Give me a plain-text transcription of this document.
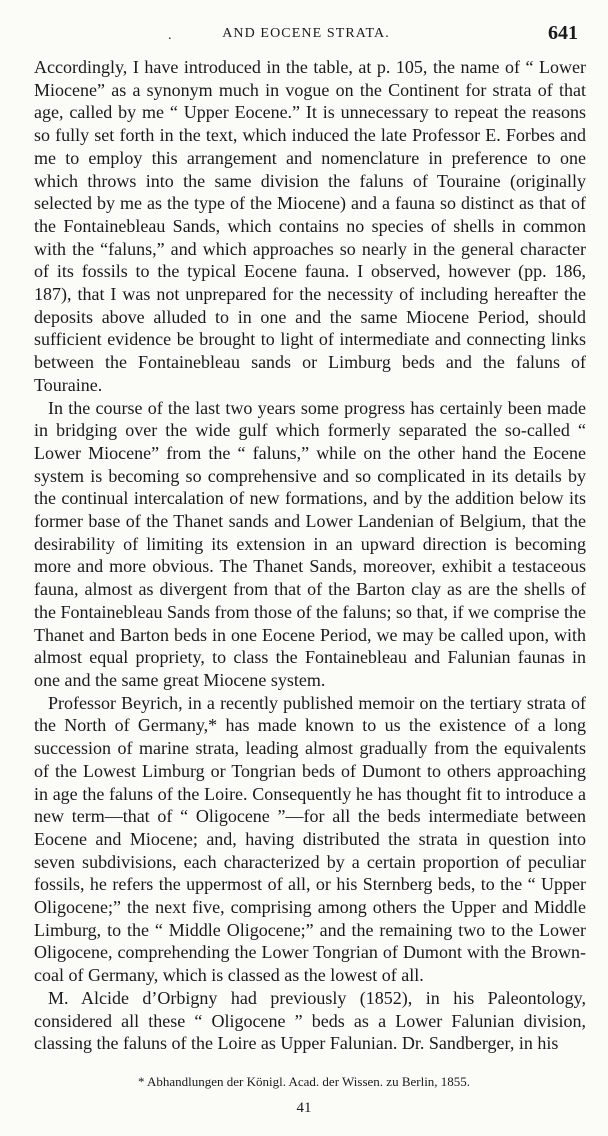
.	AND EOCENE STRATA.	641

Accordingly, I have introduced in the table, at p. 105, the name of “ Lower Miocene” as a synonym much in vogue on the Continent for strata of that age, called by me “ Upper Eocene.” It is unnecessary to repeat the reasons so fully set forth in the text, which induced the late Professor E. Forbes and me to employ this arrangement and nomenclature in preference to one which throws into the same division the faluns of Touraine (originally selected by me as the type of the Miocene) and a fauna so distinct as that of the Fontainebleau Sands, which contains no species of shells in common with the “faluns,” and which approaches so nearly in the general character of its fossils to the typical Eocene fauna. I observed, however (pp. 186, 187), that I was not unprepared for the necessity of including hereafter the deposits above alluded to in one and the same Miocene Period, should sufficient evidence be brought to light of intermediate and connecting links between the Fontainebleau sands or Limburg beds and the faluns of Touraine.

In the course of the last two years some progress has certainly been made in bridging over the wide gulf which formerly separated the so-called “ Lower Miocene” from the “ faluns,” while on the other hand the Eocene system is becoming so comprehensive and so complicated in its details by the continual intercalation of new formations, and by the addition below its former base of the Thanet sands and Lower Landenian of Belgium, that the desirability of limiting its extension in an upward direction is becoming more and more obvious. The Thanet Sands, moreover, exhibit a testaceous fauna, almost as divergent from that of the Barton clay as are the shells of the Fontainebleau Sands from those of the faluns; so that, if we comprise the Thanet and Barton beds in one Eocene Period, we may be called upon, with almost equal propriety, to class the Fontainebleau and Falunian faunas in one and the same great Miocene system.

Professor Beyrich, in a recently published memoir on the tertiary strata of the North of Germany,* has made known to us the existence of a long succession of marine strata, leading almost gradually from the equivalents of the Lowest Limburg or Tongrian beds of Dumont to others approaching in age the faluns of the Loire. Consequently he has thought fit to introduce a new term—that of “ Oligocene ”—for all the beds intermediate between Eocene and Miocene; and, having distributed the strata in question into seven subdivisions, each characterized by a certain proportion of peculiar fossils, he refers the uppermost of all, or his Sternberg beds, to the “ Upper Oligocene;” the next five, comprising among others the Upper and Middle Limburg, to the “ Middle Oligocene;” and the remaining two to the Lower Oligocene, comprehending the Lower Tongrian of Dumont with the Brown-coal of Germany, which is classed as the lowest of all.

M. Alcide d’Orbigny had previously (1852), in his Paleontology, considered all these “ Oligocene ” beds as a Lower Falunian division, classing the faluns of the Loire as Upper Falunian. Dr. Sandberger, in his

* Abhandlungen der Königl. Acad. der Wissen. zu Berlin, 1855.
41
